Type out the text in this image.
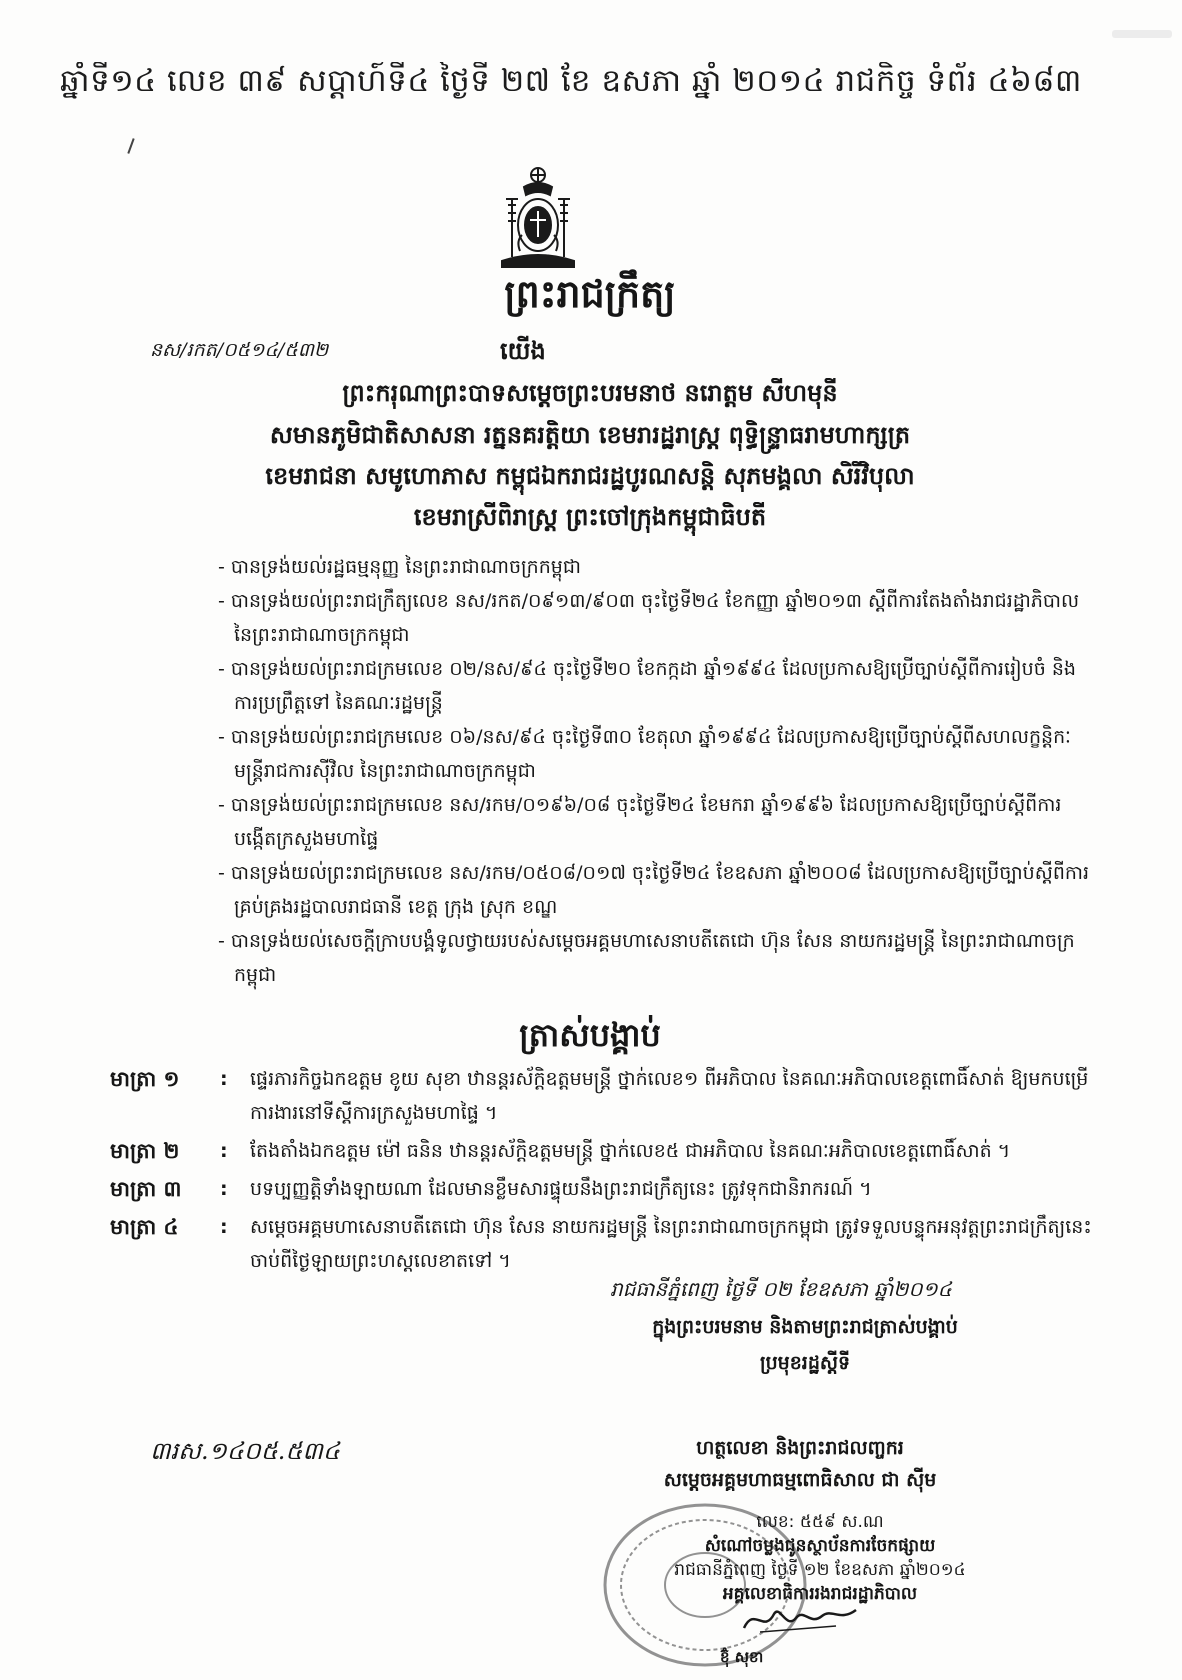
ឆ្នាំទី១៤ លេខ ៣៩ សប្ដាហ៍ទី៤ ថ្ងៃទី ២៧ ខែ ឧសភា ឆ្នាំ ២០១៤ រាជកិច្ច ទំព័រ ៤៦៨៣
ព្រះរាជក្រឹត្យ
នស/រកត/០៥១៤/៥៣២	យើង
ព្រះករុណាព្រះបាទសម្តេចព្រះបរមនាថ នរោត្តម សីហមុនី
សមានភូមិជាតិសាសនា រត្ននគរត្ដិយា ខេមរារដ្ឋរាស្ត្រ ពុទ្ធិន្ទ្រាធរាមហាក្សត្រ
ខេមរាជនា សមូហោភាស កម្ពុជឯករាជរដ្ឋបូរណសន្តិ សុភមង្គលា សិរីវិបុលា
ខេមរាស្រីពិរាស្ត្រ ព្រះចៅក្រុងកម្ពុជាធិបតី
- បានទ្រង់យល់រដ្ឋធម្មនុញ្ញ នៃព្រះរាជាណាចក្រកម្ពុជា
- បានទ្រង់យល់ព្រះរាជក្រឹត្យលេខ នស/រកត/០៩១៣/៩០៣ ចុះថ្ងៃទី២៤ ខែកញ្ញា ឆ្នាំ២០១៣ ស្តីពីការតែងតាំងរាជរដ្ឋាភិបាល នៃព្រះរាជាណាចក្រកម្ពុជា
- បានទ្រង់យល់ព្រះរាជក្រមលេខ ០២/នស/៩៤ ចុះថ្ងៃទី២០ ខែកក្កដា ឆ្នាំ១៩៩៤ ដែលប្រកាសឱ្យប្រើច្បាប់ស្តីពីការរៀបចំ និងការប្រព្រឹត្តទៅ នៃគណៈរដ្ឋមន្ត្រី
- បានទ្រង់យល់ព្រះរាជក្រមលេខ ០៦/នស/៩៤ ចុះថ្ងៃទី៣០ ខែតុលា ឆ្នាំ១៩៩៤ ដែលប្រកាសឱ្យប្រើច្បាប់ស្តីពីសហលក្ខន្តិកៈមន្ត្រីរាជការស៊ីវិល នៃព្រះរាជាណាចក្រកម្ពុជា
- បានទ្រង់យល់ព្រះរាជក្រមលេខ នស/រកម/០១៩៦/០៨ ចុះថ្ងៃទី២៤ ខែមករា ឆ្នាំ១៩៩៦ ដែលប្រកាសឱ្យប្រើច្បាប់ស្តីពីការបង្កើតក្រសួងមហាផ្ទៃ
- បានទ្រង់យល់ព្រះរាជក្រមលេខ នស/រកម/០៥០៨/០១៧ ចុះថ្ងៃទី២៤ ខែឧសភា ឆ្នាំ២០០៨ ដែលប្រកាសឱ្យប្រើច្បាប់ស្តីពីការគ្រប់គ្រងរដ្ឋបាលរាជធានី ខេត្ត ក្រុង ស្រុក ខណ្ឌ
- បានទ្រង់យល់សេចក្តីក្រាបបង្គំទូលថ្វាយរបស់សម្តេចអគ្គមហាសេនាបតីតេជោ ហ៊ុន សែន នាយករដ្ឋមន្ត្រី នៃព្រះរាជាណាចក្រកម្ពុជា
ត្រាស់បង្គាប់
មាត្រា ១	:	ផ្ទេរភារកិច្ចឯកឧត្តម ខូយ សុខា ឋានន្តរស័ក្តិឧត្តមមន្ត្រី ថ្នាក់លេខ១ ពីអភិបាល នៃគណៈអភិបាលខេត្តពោធិ៍សាត់ ឱ្យមកបម្រើការងារនៅទីស្តីការក្រសួងមហាផ្ទៃ ។
មាត្រា ២	:	តែងតាំងឯកឧត្តម ម៉ៅ ធនិន ឋានន្តរស័ក្តិឧត្តមមន្ត្រី ថ្នាក់លេខ៥ ជាអភិបាល នៃគណៈអភិបាលខេត្តពោធិ៍សាត់ ។
មាត្រា ៣	:	បទប្បញ្ញត្តិទាំងឡាយណា ដែលមានខ្លឹមសារផ្ទុយនឹងព្រះរាជក្រឹត្យនេះ ត្រូវទុកជានិរាករណ៍ ។
មាត្រា ៤	:	សម្តេចអគ្គមហាសេនាបតីតេជោ ហ៊ុន សែន នាយករដ្ឋមន្ត្រី នៃព្រះរាជាណាចក្រកម្ពុជា ត្រូវទទួលបន្ទុកអនុវត្តព្រះរាជក្រឹត្យនេះ ចាប់ពីថ្ងៃឡាយព្រះហស្តលេខាតទៅ ។
រាជធានីភ្នំពេញ ថ្ងៃទី ០២ ខែឧសភា ឆ្នាំ២០១៤
ក្នុងព្រះបរមនាម និងតាមព្រះរាជត្រាស់បង្គាប់
ប្រមុខរដ្ឋស្តីទី
៣រស.១៤០៥.៥៣៤	ហត្ថលេខា និងព្រះរាជលញ្ចករ
សម្តេចអគ្គមហាធម្មពោធិសាល ជា ស៊ីម
លេខ: ៥៥៩ ស.ណ
សំណៅចម្លងជូនស្ថាប័នការចែកផ្សាយ
រាជធានីភ្នំពេញ ថ្ងៃទី ១២ ខែឧសភា ឆ្នាំ២០១៤
អគ្គលេខាធិការរងរាជរដ្ឋាភិបាល
ខ៊ុំ សុខា
